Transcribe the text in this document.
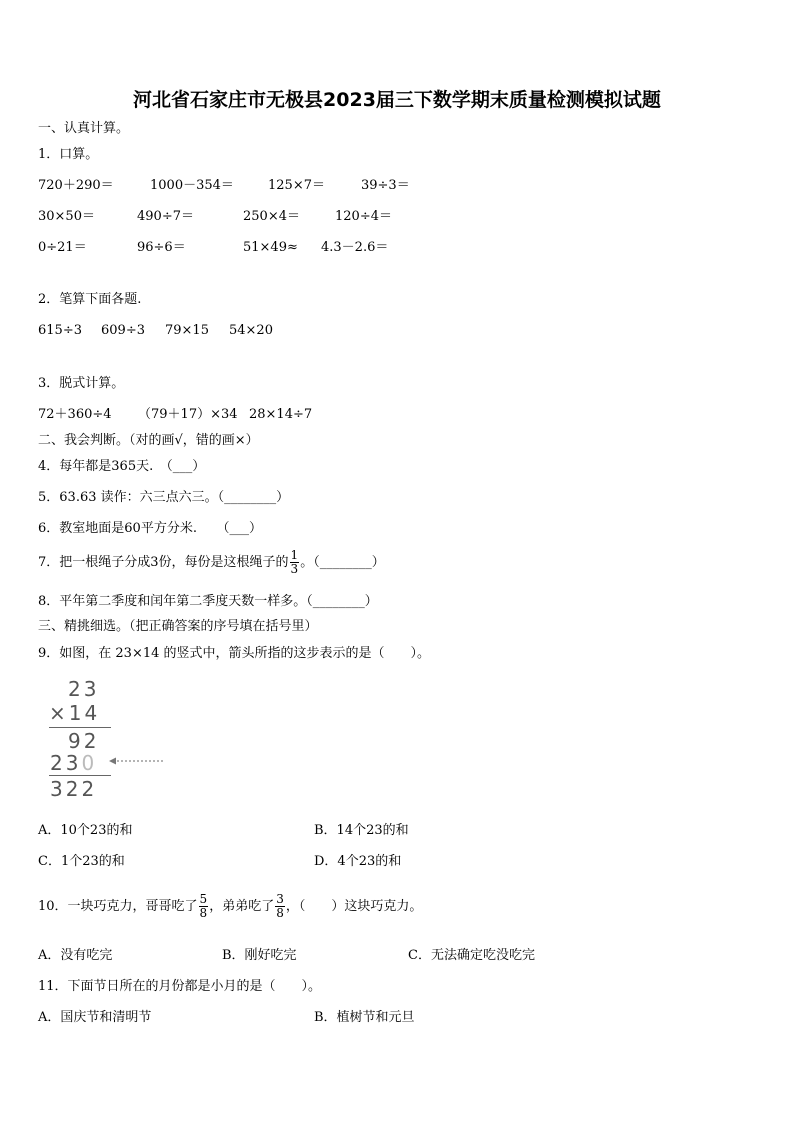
河北省石家庄市无极县2023届三下数学期末质量检测模拟试题
一、认真计算。
1．口算。
720＋290＝	1000－354＝	125×7＝	39÷3＝
30×50＝	490÷7＝	250×4＝	120÷4＝
0÷21＝	96÷6＝	51×49≈ 4.3－2.6＝
2．笔算下面各题.
615÷3 609÷3 79×15 54×20
3．脱式计算。
72＋360÷4 （79＋17）×34 28×14÷7
二、我会判断。（对的画√，错的画×）
4．每年都是365天.　（___）
5．63.63 读作：六三点六三。（________）
6．教室地面是60平方分米.　　（___）
7．把一根绳子分成3份，每份是这根绳子的 $\frac{1}{3}$ 。（________）
8．平年第二季度和闰年第二季度天数一样多。（________）
三、精挑细选。（把正确答案的序号填在括号里）
9．如图，在 23×14 的竖式中，箭头所指的这步表示的是（　　）。
23
×14
92
230
322
A．10个23的和	B．14个23的和
C．1个23的和	D．4个23的和
10．一块巧克力，哥哥吃了 $\frac{5}{8}$ ，弟弟吃了 $\frac{3}{8}$ ，（　　）这块巧克力。
A．没有吃完	B．刚好吃完	C．无法确定吃没吃完
11．下面节日所在的月份都是小月的是（　　）。
A．国庆节和清明节	B．植树节和元旦
